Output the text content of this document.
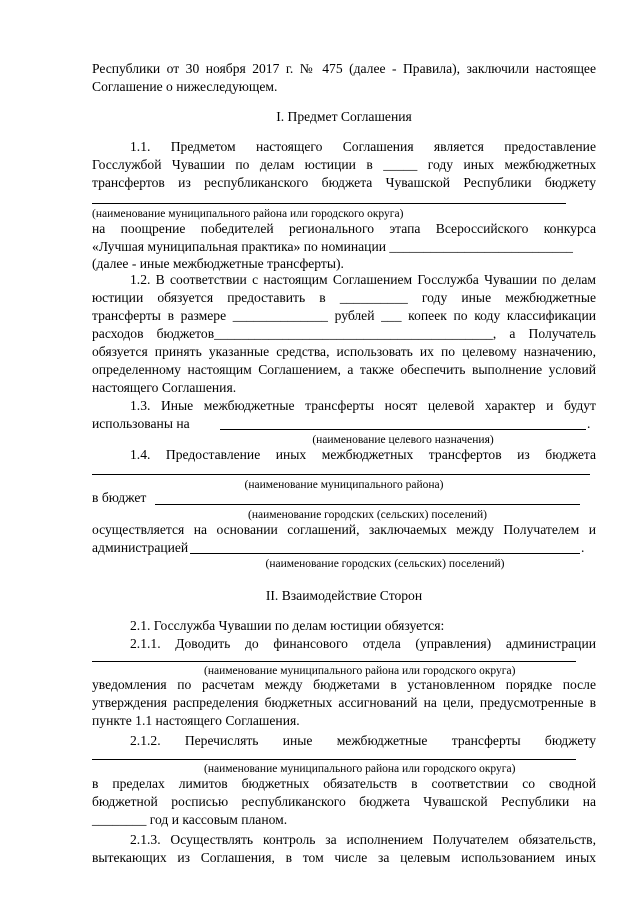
Республики от 30 ноября 2017 г. № 475 (далее - Правила), заключили настоящее
Соглашение о нижеследующем.
I. Предмет Соглашения
1.1. Предметом настоящего Соглашения является предоставление
Госслужбой Чувашии по делам юстиции в _____ году иных межбюджетных
трансфертов из республиканского бюджета Чувашской Республики бюджету
(наименование муниципального района или городского округа)
на поощрение победителей регионального этапа Всероссийского конкурса
«Лучшая муниципальная практика» по номинации ___________________________
(далее - иные межбюджетные трансферты).
1.2. В соответствии с настоящим Соглашением Госслужба Чувашии по делам
юстиции обязуется предоставить в __________ году иные межбюджетные
трансферты в размере ______________ рублей ___ копеек по коду классификации
расходов бюджетов_________________________________________, а Получатель
обязуется принять указанные средства, использовать их по целевому назначению,
определенному настоящим Соглашением, а также обеспечить выполнение условий
настоящего Соглашения.
1.3. Иные межбюджетные трансферты носят целевой характер и будут
использованы на	.
(наименование целевого назначения)
1.4. Предоставление иных межбюджетных трансфертов из бюджета
(наименование муниципального района)
в бюджет
(наименование городских (сельских) поселений)
осуществляется на основании соглашений, заключаемых между Получателем и
администрацией	.
(наименование городских (сельских) поселений)
II. Взаимодействие Сторон
2.1. Госслужба Чувашии по делам юстиции обязуется:
2.1.1. Доводить до финансового отдела (управления) администрации
(наименование муниципального района или городского округа)
уведомления по расчетам между бюджетами в установленном порядке после
утверждения распределения бюджетных ассигнований на цели, предусмотренные в
пункте 1.1 настоящего Соглашения.
2.1.2. Перечислять иные межбюджетные трансферты бюджету
(наименование муниципального района или городского округа)
в пределах лимитов бюджетных обязательств в соответствии со сводной
бюджетной росписью республиканского бюджета Чувашской Республики на
________ год и кассовым планом.
2.1.3. Осуществлять контроль за исполнением Получателем обязательств,
вытекающих из Соглашения, в том числе за целевым использованием иных
